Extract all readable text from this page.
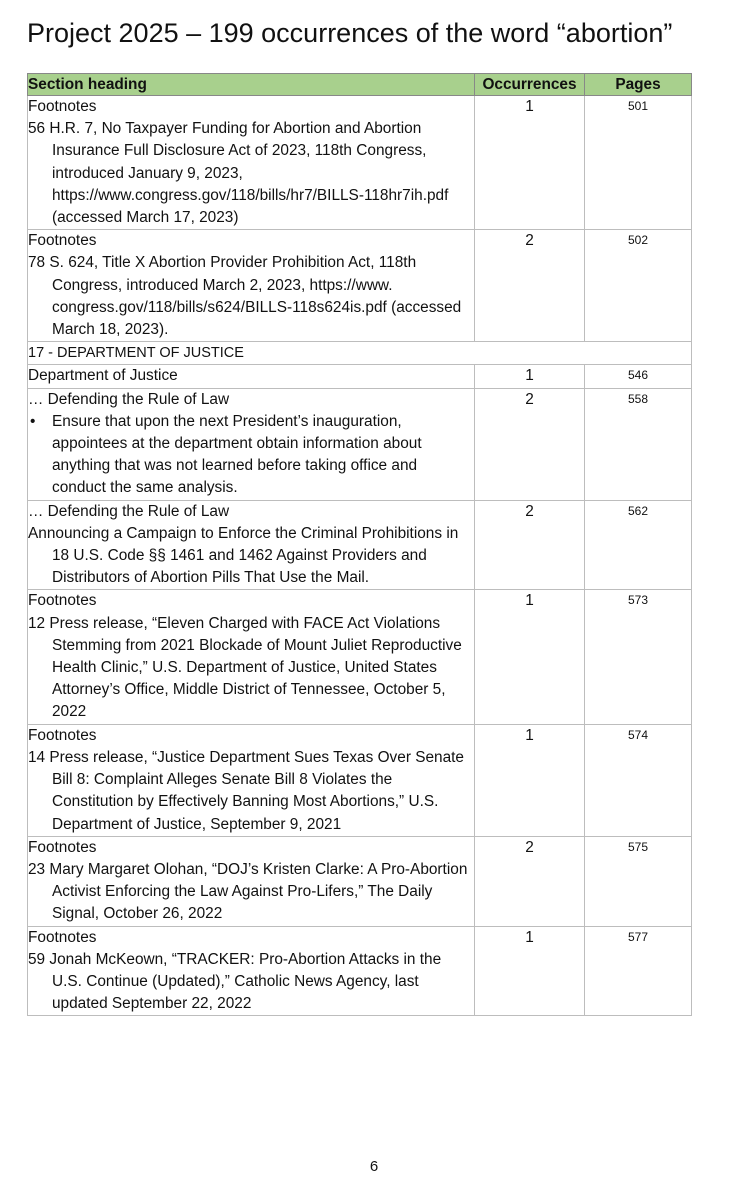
Project 2025 – 199 occurrences of the word “abortion”
Section heading	Occurrences	Pages

Footnotes
56 H.R. 7, No Taxpayer Funding for Abortion and Abortion Insurance Full Disclosure Act of 2023, 118th Congress, introduced January 9, 2023, https://www.congress.gov/118/bills/hr7/BILLS-118hr7ih.pdf (accessed March 17, 2023)	1	501

Footnotes
78 S. 624, Title X Abortion Provider Prohibition Act, 118th Congress, introduced March 2, 2023, https://www. congress.gov/118/bills/s624/BILLS-118s624is.pdf (accessed March 18, 2023).	2	502
17 - DEPARTMENT OF JUSTICE		

Department of Justice	1	546

… Defending the Rule of Law
• Ensure that upon the next President’s inauguration, appointees at the department obtain information about anything that was not learned before taking office and conduct the same analysis.	2	558

… Defending the Rule of Law
Announcing a Campaign to Enforce the Criminal Prohibitions in 18 U.S. Code §§ 1461 and 1462 Against Providers and Distributors of Abortion Pills That Use the Mail.	2	562

Footnotes
12 Press release, “Eleven Charged with FACE Act Violations Stemming from 2021 Blockade of Mount Juliet Reproductive Health Clinic,” U.S. Department of Justice, United States Attorney’s Office, Middle District of Tennessee, October 5, 2022	1	573

Footnotes
14 Press release, “Justice Department Sues Texas Over Senate Bill 8: Complaint Alleges Senate Bill 8 Violates the Constitution by Effectively Banning Most Abortions,” U.S. Department of Justice, September 9, 2021	1	574

Footnotes
23 Mary Margaret Olohan, “DOJ’s Kristen Clarke: A Pro-Abortion Activist Enforcing the Law Against Pro-Lifers,” The Daily Signal, October 26, 2022	2	575

Footnotes
59 Jonah McKeown, “TRACKER: Pro-Abortion Attacks in the U.S. Continue (Updated),” Catholic News Agency, last updated September 22, 2022	1	577
6
